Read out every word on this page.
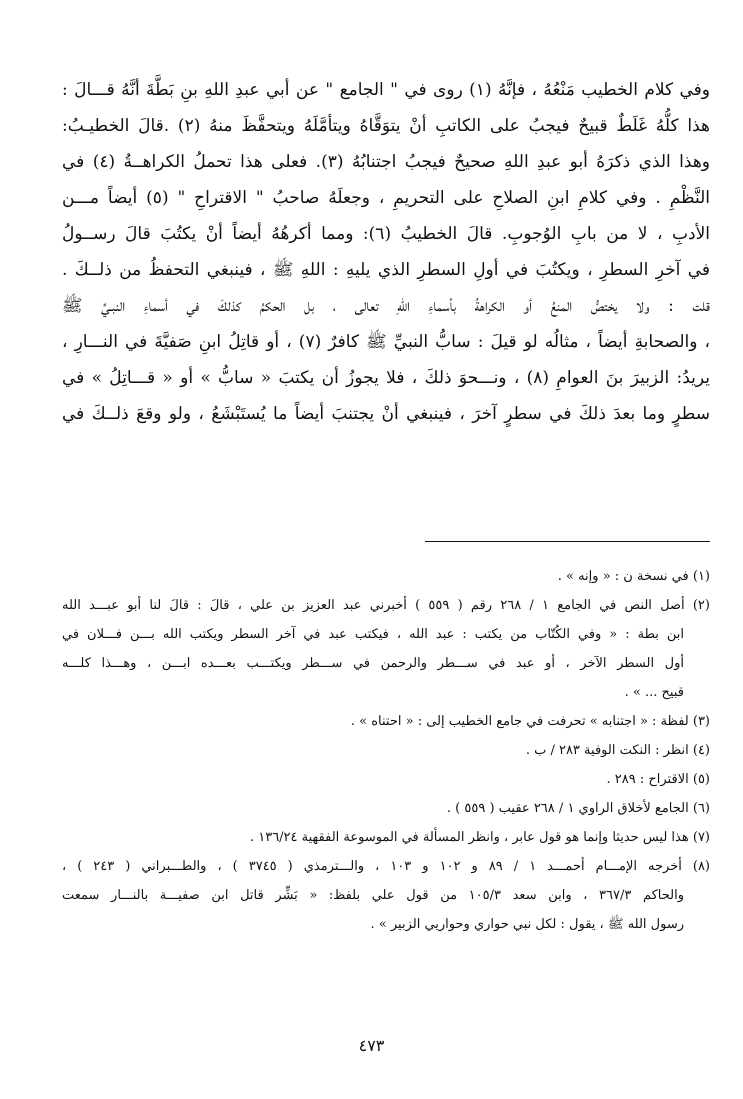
وفي كلام الخطيب مَنْعُهُ ، فإنَّهُ (١) روى في " الجامع " عن أبي عبدِ اللهِ بنِ بَطَّةَ أنَّهُ قـــالَ :
هذا كلُّهُ غَلَطٌ قبيحٌ فيجبُ على الكاتبِ أنْ يتوَقَّاهُ ويتأمَّلَهُ ويتحفَّظَ منهُ (٢) .قالَ الخطيـبُ:
وهذا الذي ذكرَهُ أبو عبدِ اللهِ صحيحٌ فيجبُ اجتنابُهُ (٣). فعلى هذا تحملُ الكراهــةُ (٤) في
النَّظْمِ . وفي كلامِ ابنِ الصلاحِ على التحريمِ ، وجعلَهُ صاحبُ " الاقتراحِ " (٥) أيضاً مـــن
الأدبِ ، لا من بابِ الوُجوبِ. قالَ الخطيبُ (٦): ومما أكرهُهُ أيضاً أنْ يكتُبَ قالَ رســولُ
في آخرِ السطرِ ، ويكتُبَ في أولِ السطرِ الذي يليهِ : اللهِ ﷺ ، فينبغي التحفظُ من ذلــكَ .
قلت : ولا يختصُّ المنعُ أو الكراهةُ بأسماءِ اللهِ تعالى ، بل الحكمُ كذلكَ في أسماءِ النبـيِّ ﷺ
، والصحابةِ أيضاً ، مثالُه لو قيلَ : سابُّ النبيِّ ﷺ كافرٌ (٧) ، أو قاتِلُ ابنِ صَفيَّةَ في النـــارِ ،
يريدُ: الزبيرَ بنَ العوامِ (٨) ، ونـــحوَ ذلكَ ، فلا يجوزُ أن يكتبَ « سابُّ » أو « قـــاتِلُ » في
سطرٍ وما بعدَ ذلكَ في سطرٍ آخرَ ، فينبغي أنْ يجتنبَ أيضاً ما يُستَبْشَعُ ، ولو وقعَ ذلــكَ في
(١) في نسخة ن : « وإنه » .
(٢) أصل النص في الجامع ١ / ٢٦٨ رقم ( ٥٥٩ ) أخبرني عبد العزيز بن علي ، قالَ : قالَ لنا أبو عبـــد الله
ابن بطة : « وفي الكُتّاب من يكتب : عبد الله ، فيكتب عبد في آخر السطر ويكتب الله بـــن فـــلان في
أول السطر الآخر ، أو عبد في ســـطر والرحمن في ســـطر ويكتـــب بعـــده ابـــن ، وهـــذا كلـــه
قبيح ... » .
(٣) لفظة : « اجتنابه » تحرفت في جامع الخطيب إلى : « احتناه » .
(٤) انظر : النكت الوفية ٢٨٣ / ب .
(٥) الاقتراح : ٢٨٩ .
(٦) الجامع لأخلاق الراوي ١ / ٢٦٨ عقيب ( ٥٥٩ ) .
(٧) هذا ليس حديثا وإنما هو قول عابر ، وانظر المسألة في الموسوعة الفقهية ١٣٦/٢٤ .
(٨) أخرجه الإمـــام أحمـــد ١ / ٨٩ و ١٠٢ و ١٠٣ ، والـــترمذي ( ٣٧٤٥ ) ، والطـــبراني ( ٢٤٣ ) ،
والحاكم ٣٦٧/٣ ، وابن سعد ١٠٥/٣ من قول علي بلفظ: « بَشِّر قاتل ابن صفيـــة بالنـــار سمعت
رسول الله ﷺ ، يقول : لكل نبي حواري وحواريي الزبير » .
٤٧٣
